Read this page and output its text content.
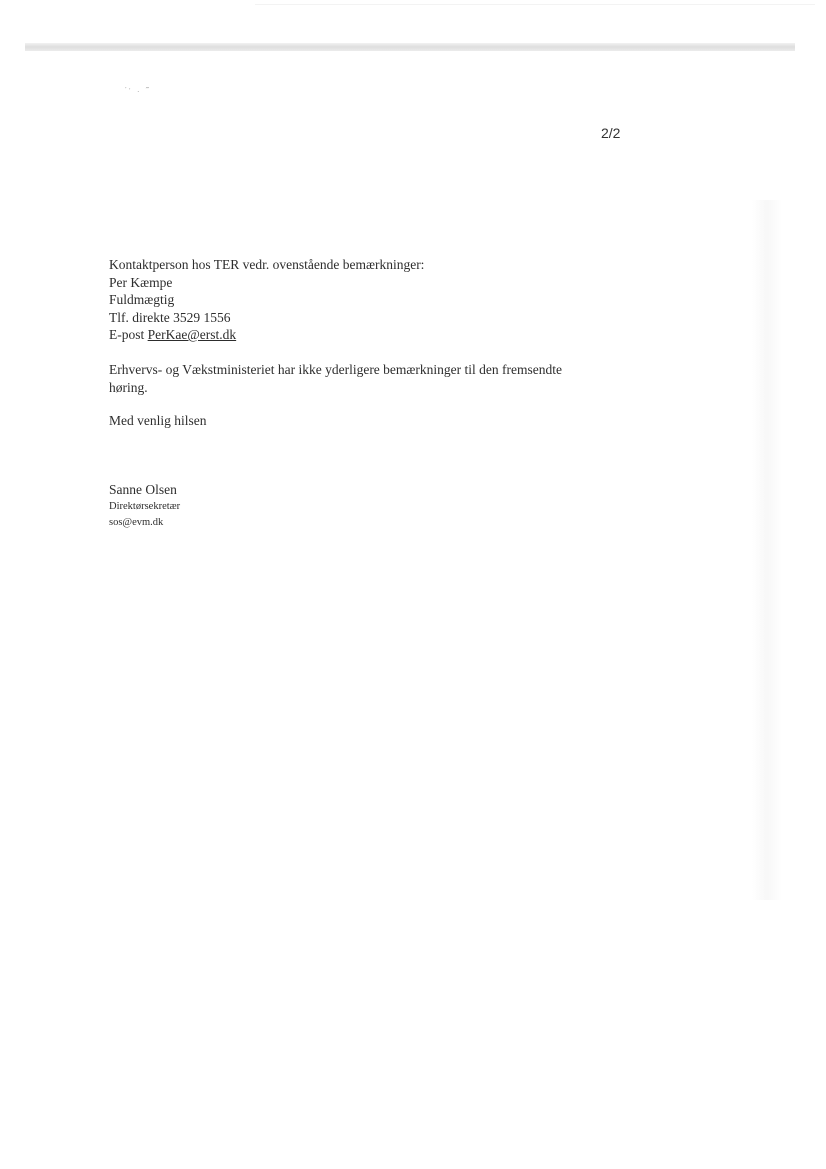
′ˑ . ‴
2/2
Kontaktperson hos TER vedr. ovenstående bemærkninger:
Per Kæmpe
Fuldmægtig
Tlf. direkte 3529 1556
E-post PerKae@erst.dk
Erhvervs- og Vækstministeriet har ikke yderligere bemærkninger til den fremsendte høring.
Med venlig hilsen
Sanne Olsen
Direktørsekretær
sos@evm.dk
